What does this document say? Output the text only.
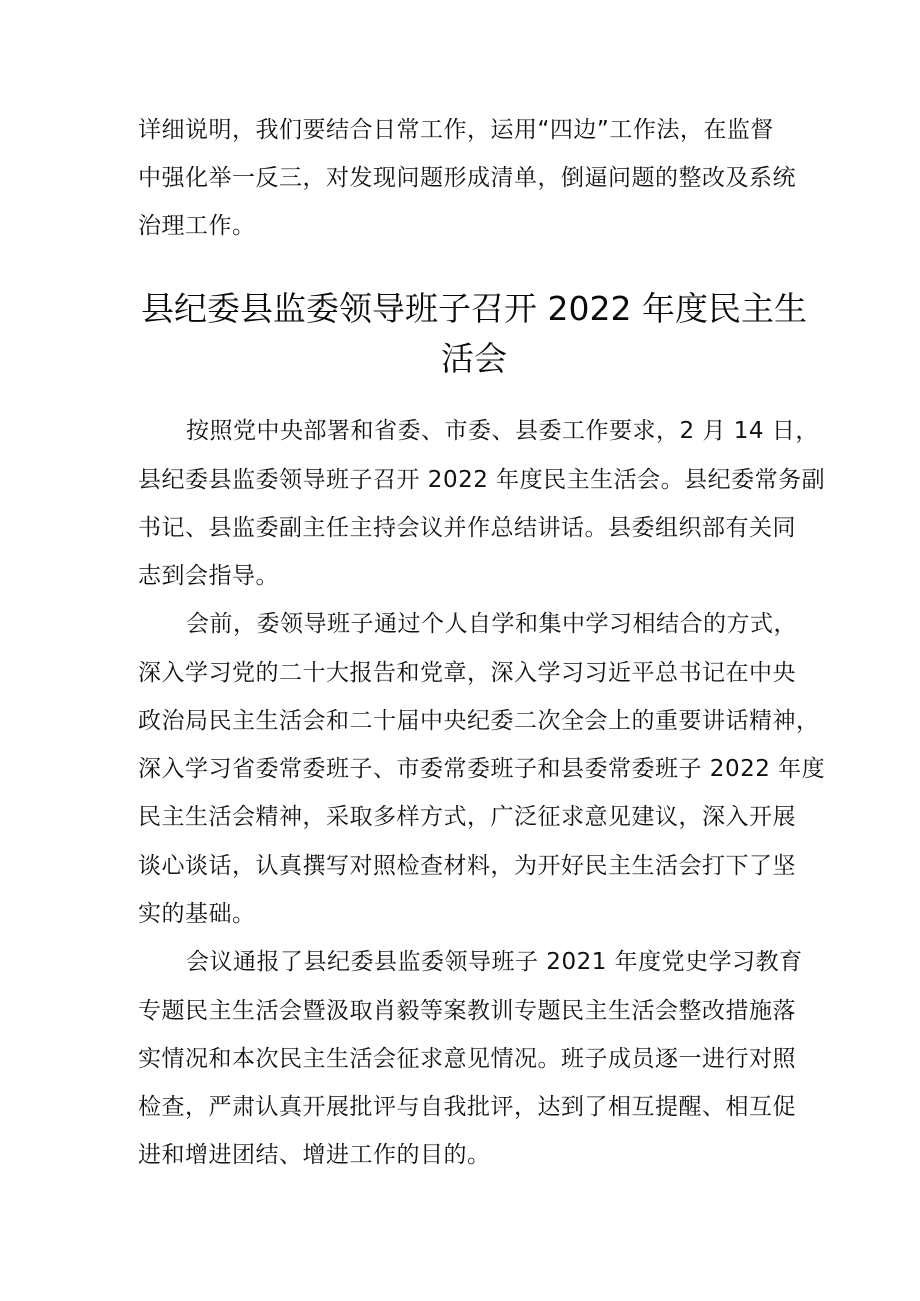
详细说明，我们要结合日常工作，运用“四边”工作法，在监督
中强化举一反三，对发现问题形成清单，倒逼问题的整改及系统
治理工作。
县纪委县监委领导班子召开 2022 年度民主生
活会
按照党中央部署和省委、市委、县委工作要求，2 月 14 日，
县纪委县监委领导班子召开 2022 年度民主生活会。县纪委常务副
书记、县监委副主任主持会议并作总结讲话。县委组织部有关同
志到会指导。
会前，委领导班子通过个人自学和集中学习相结合的方式，
深入学习党的二十大报告和党章，深入学习习近平总书记在中央
政治局民主生活会和二十届中央纪委二次全会上的重要讲话精神，
深入学习省委常委班子、市委常委班子和县委常委班子 2022 年度
民主生活会精神，采取多样方式，广泛征求意见建议，深入开展
谈心谈话，认真撰写对照检查材料，为开好民主生活会打下了坚
实的基础。
会议通报了县纪委县监委领导班子 2021 年度党史学习教育
专题民主生活会暨汲取肖毅等案教训专题民主生活会整改措施落
实情况和本次民主生活会征求意见情况。班子成员逐一进行对照
检查，严肃认真开展批评与自我批评，达到了相互提醒、相互促
进和增进团结、增进工作的目的。
